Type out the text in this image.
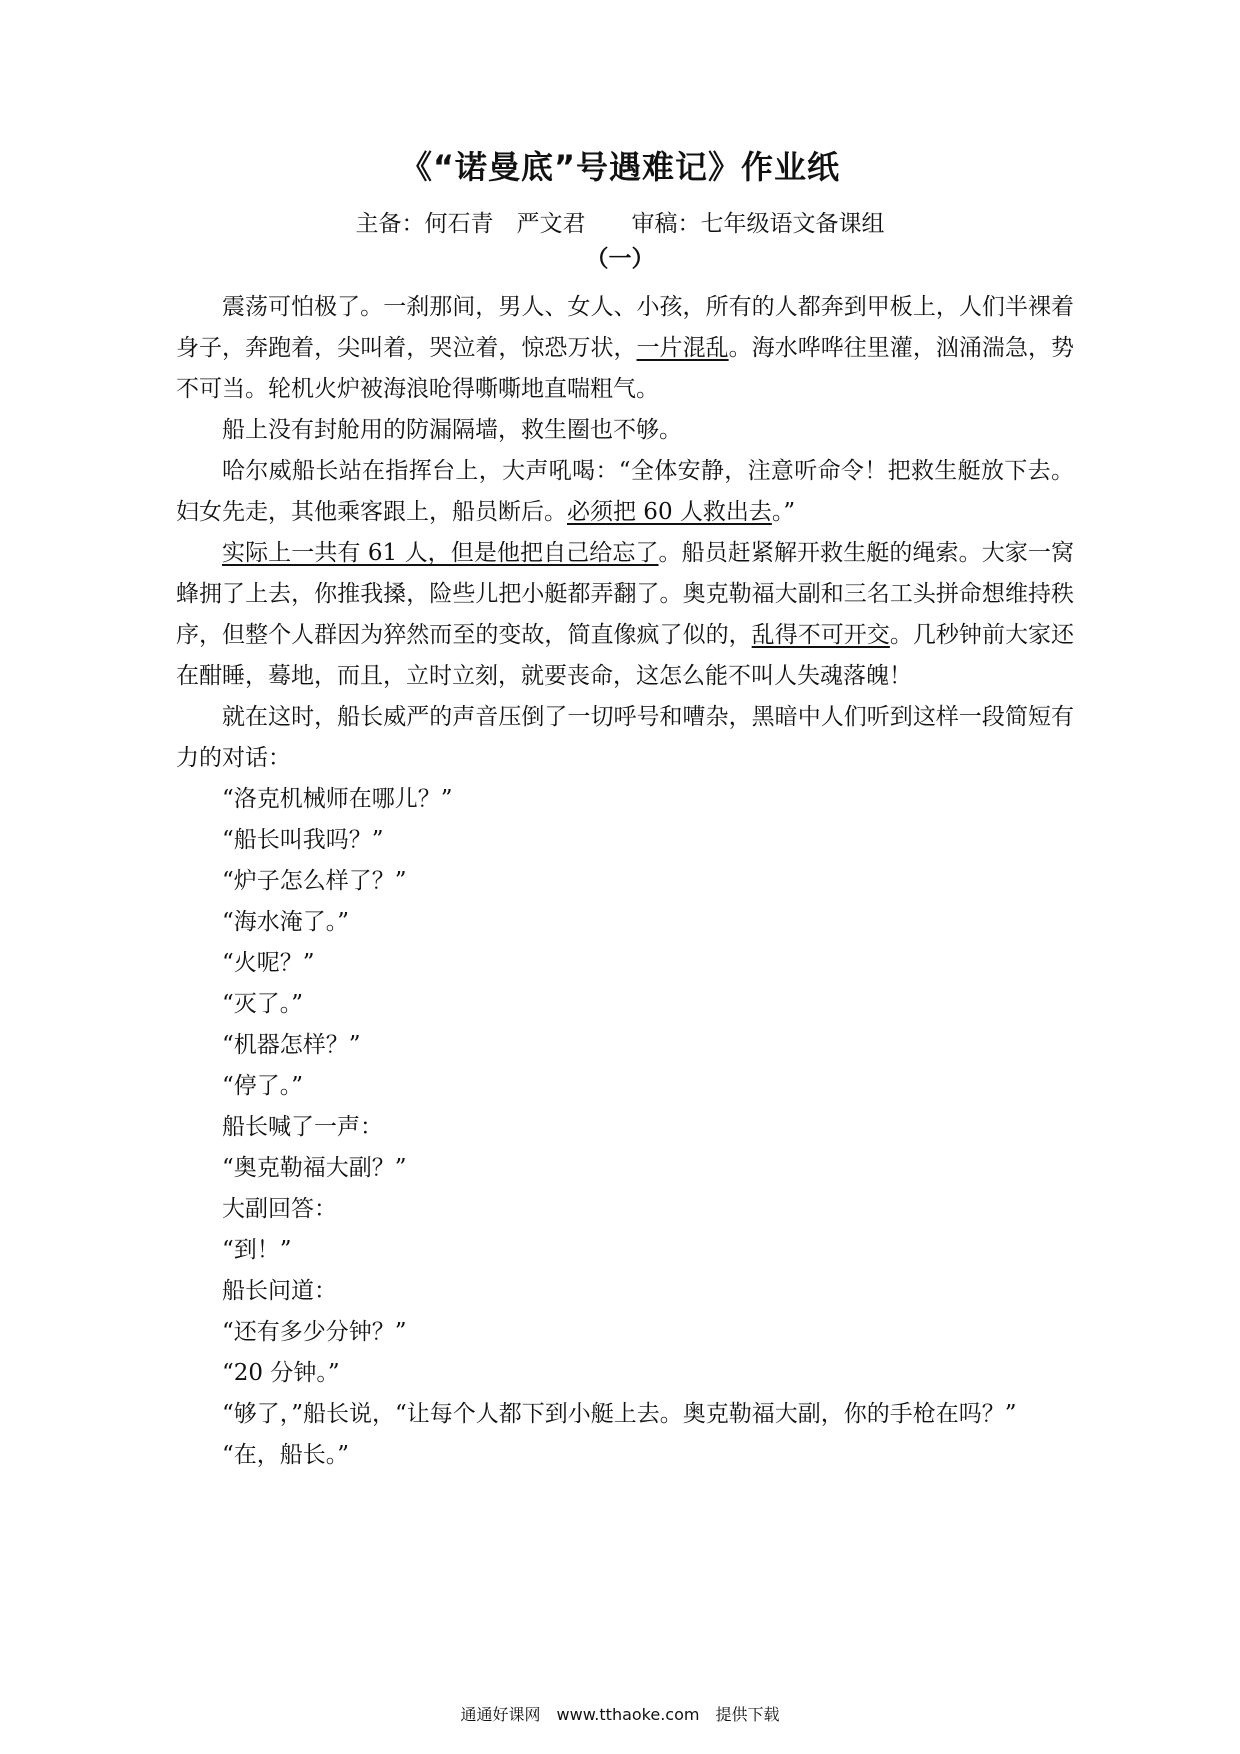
《“诺曼底”号遇难记》作业纸
主备：何石青　严文君　　审稿：七年级语文备课组
（一）

震荡可怕极了。一刹那间，男人、女人、小孩，所有的人都奔到甲板上，人们半裸着身子，奔跑着，尖叫着，哭泣着，惊恐万状，一片混乱。海水哗哗往里灌，汹涌湍急，势不可当。轮机火炉被海浪呛得嘶嘶地直喘粗气。

船上没有封舱用的防漏隔墙，救生圈也不够。

哈尔威船长站在指挥台上，大声吼喝：“全体安静，注意听命令！把救生艇放下去。妇女先走，其他乘客跟上，船员断后。必须把 60 人救出去。”

实际上一共有 61 人，但是他把自己给忘了。船员赶紧解开救生艇的绳索。大家一窝蜂拥了上去，你推我搡，险些儿把小艇都弄翻了。奥克勒福大副和三名工头拼命想维持秩序，但整个人群因为猝然而至的变故，简直像疯了似的，乱得不可开交。几秒钟前大家还在酣睡，蓦地，而且，立时立刻，就要丧命，这怎么能不叫人失魂落魄！

就在这时，船长威严的声音压倒了一切呼号和嘈杂，黑暗中人们听到这样一段简短有力的对话：

“洛克机械师在哪儿？”

“船长叫我吗？”

“炉子怎么样了？”

“海水淹了。”

“火呢？”

“灭了。”

“机器怎样？”

“停了。”

船长喊了一声：

“奥克勒福大副？”

大副回答：

“到！”

船长问道：

“还有多少分钟？”

“20 分钟。”

“够了，”船长说，“让每个人都下到小艇上去。奥克勒福大副，你的手枪在吗？”

“在，船长。”

通通好课网　www.tthaoke.com　提供下载
